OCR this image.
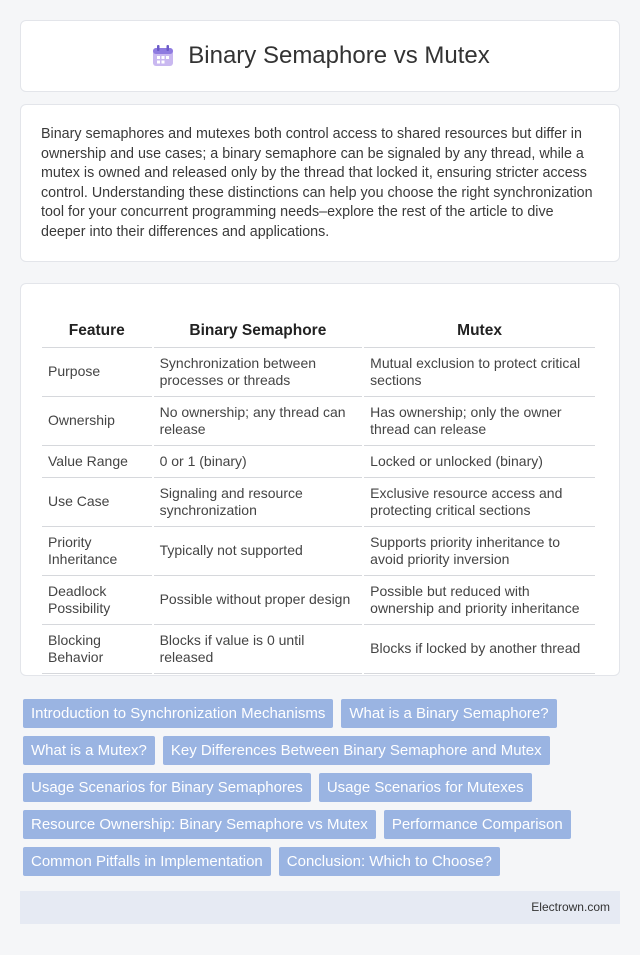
Binary Semaphore vs Mutex

Binary semaphores and mutexes both control access to shared resources but differ in ownership and use cases; a binary semaphore can be signaled by any thread, while a mutex is owned and released only by the thread that locked it, ensuring stricter access control. Understanding these distinctions can help you choose the right synchronization tool for your concurrent programming needs–explore the rest of the article to dive deeper into their differences and applications.

Feature	Binary Semaphore	Mutex
Purpose	Synchronization between processes or threads	Mutual exclusion to protect critical sections
Ownership	No ownership; any thread can release	Has ownership; only the owner thread can release
Value Range	0 or 1 (binary)	Locked or unlocked (binary)
Use Case	Signaling and resource synchronization	Exclusive resource access and protecting critical sections
Priority Inheritance	Typically not supported	Supports priority inheritance to avoid priority inversion
Deadlock Possibility	Possible without proper design	Possible but reduced with ownership and priority inheritance
Blocking Behavior	Blocks if value is 0 until released	Blocks if locked by another thread
Introduction to Synchronization Mechanisms	What is a Binary Semaphore?
What is a Mutex?	Key Differences Between Binary Semaphore and Mutex
Usage Scenarios for Binary Semaphores	Usage Scenarios for Mutexes
Resource Ownership: Binary Semaphore vs Mutex	Performance Comparison
Common Pitfalls in Implementation	Conclusion: Which to Choose?
Electrown.com
